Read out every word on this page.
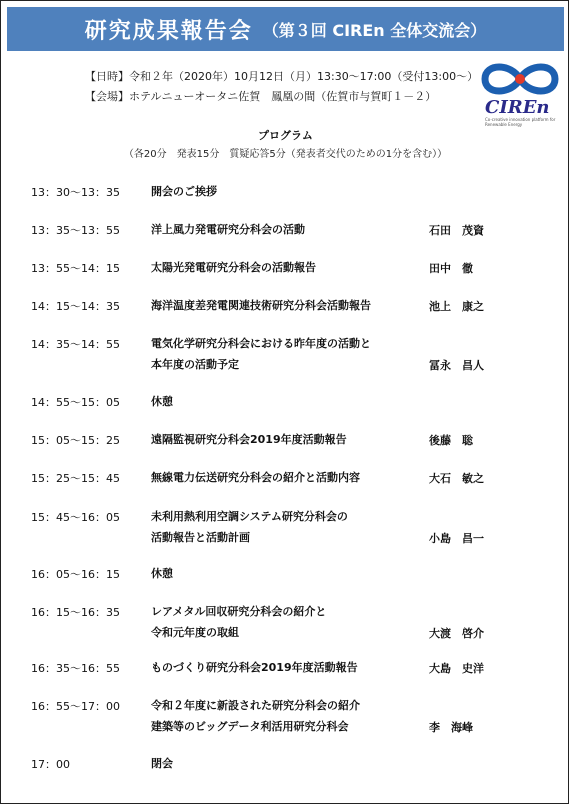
研究成果報告会 （第３回 CIREn 全体交流会）
【日時】令和２年（2020年）10月12日（月）13:30～17:00（受付13:00～）
【会場】ホテルニューオータニ佐賀　鳳凰の間（佐賀市与賀町１－２）
CIREn
Co-creative innovation platform for Renewable Energy
プログラム
（各20分　発表15分　質疑応答5分（発表者交代のための1分を含む））
13：30～13：35	開会のご挨拶
13：35～13：55	洋上風力発電研究分科会の活動	石田　茂資
13：55～14：15	太陽光発電研究分科会の活動報告	田中　徹
14：15～14：35	海洋温度差発電関連技術研究分科会活動報告	池上　康之
14：35～14：55	電気化学研究分科会における昨年度の活動と
本年度の活動予定	冨永　昌人
14：55～15：05	休憩
15：05～15：25	遠隔監視研究分科会2019年度活動報告	後藤　聡
15：25～15：45	無線電力伝送研究分科会の紹介と活動内容	大石　敏之
15：45～16：05	未利用熱利用空調システム研究分科会の
活動報告と活動計画	小島　昌一
16：05～16：15	休憩
16：15～16：35	レアメタル回収研究分科会の紹介と
令和元年度の取組	大渡　啓介
16：35～16：55	ものづくり研究分科会2019年度活動報告	大島　史洋
16：55～17：00	令和２年度に新設された研究分科会の紹介
建築等のビッグデータ利活用研究分科会	李　海峰
17：00	閉会
